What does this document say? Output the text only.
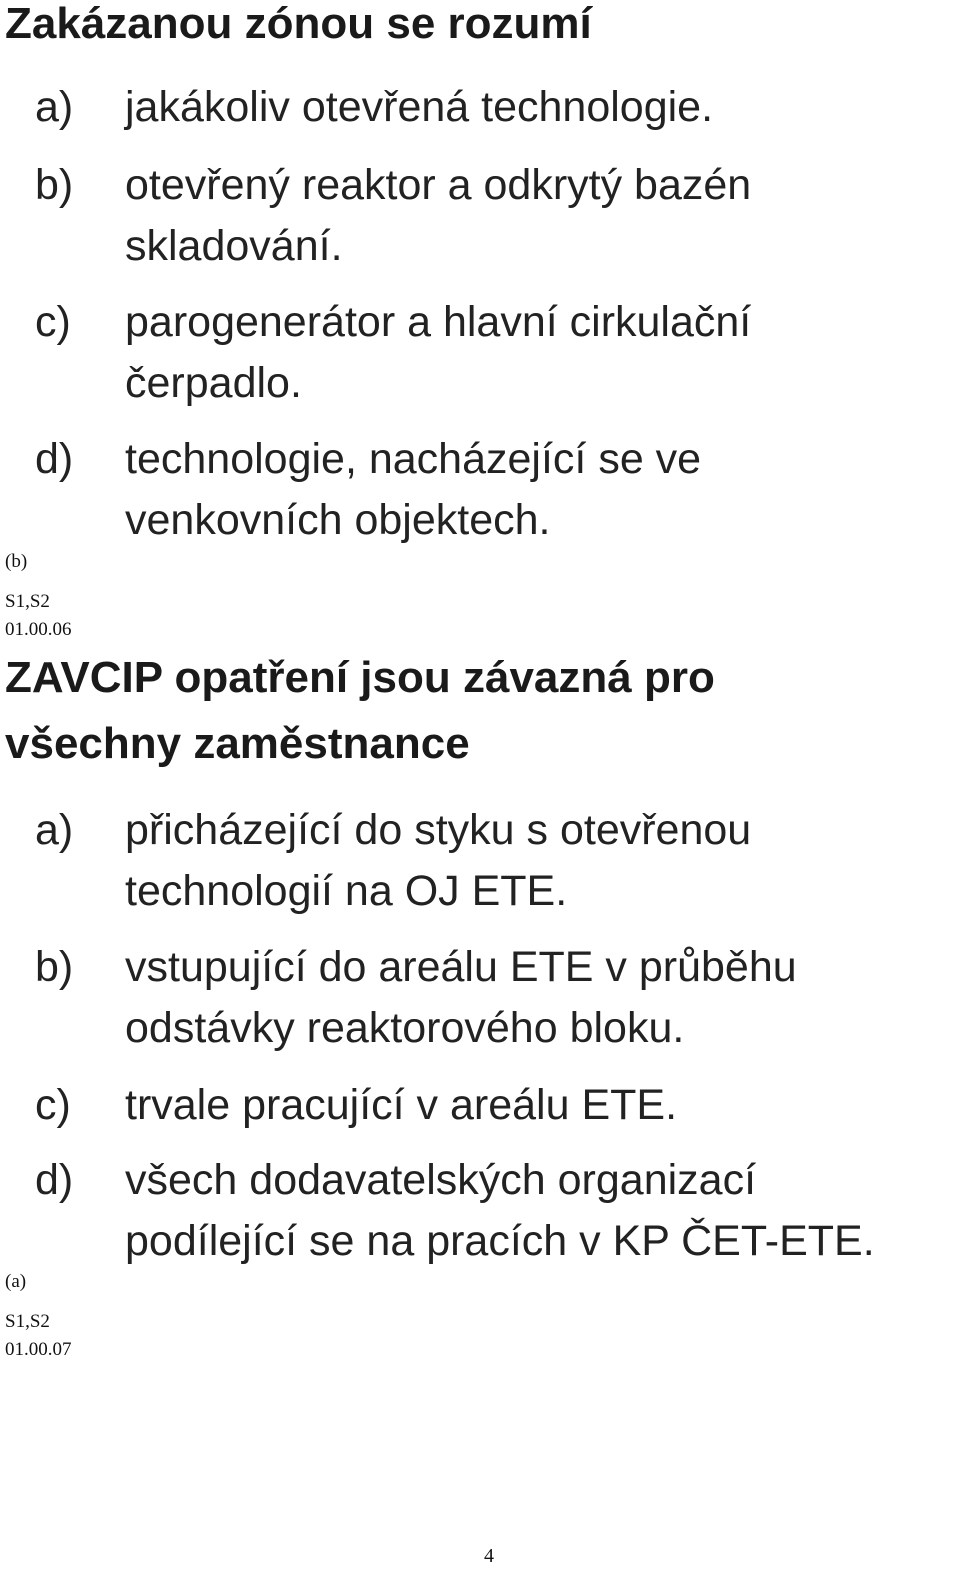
Zakázanou zónou se rozumí
a) jakákoliv otevřená technologie.
b) otevřený reaktor a odkrytý bazén
skladování.
c) parogenerátor a hlavní cirkulační
čerpadlo.
d) technologie, nacházející se ve
venkovních objektech.
(b)
S1,S2
01.00.06
ZAVCIP opatření jsou závazná pro
všechny zaměstnance
a) přicházející do styku s otevřenou
technologií na OJ ETE.
b) vstupující do areálu ETE v průběhu
odstávky reaktorového bloku.
c) trvale pracující v areálu ETE.
d) všech dodavatelských organizací
podílející se na pracích v KP ČET-ETE.
(a)
S1,S2
01.00.07
4
